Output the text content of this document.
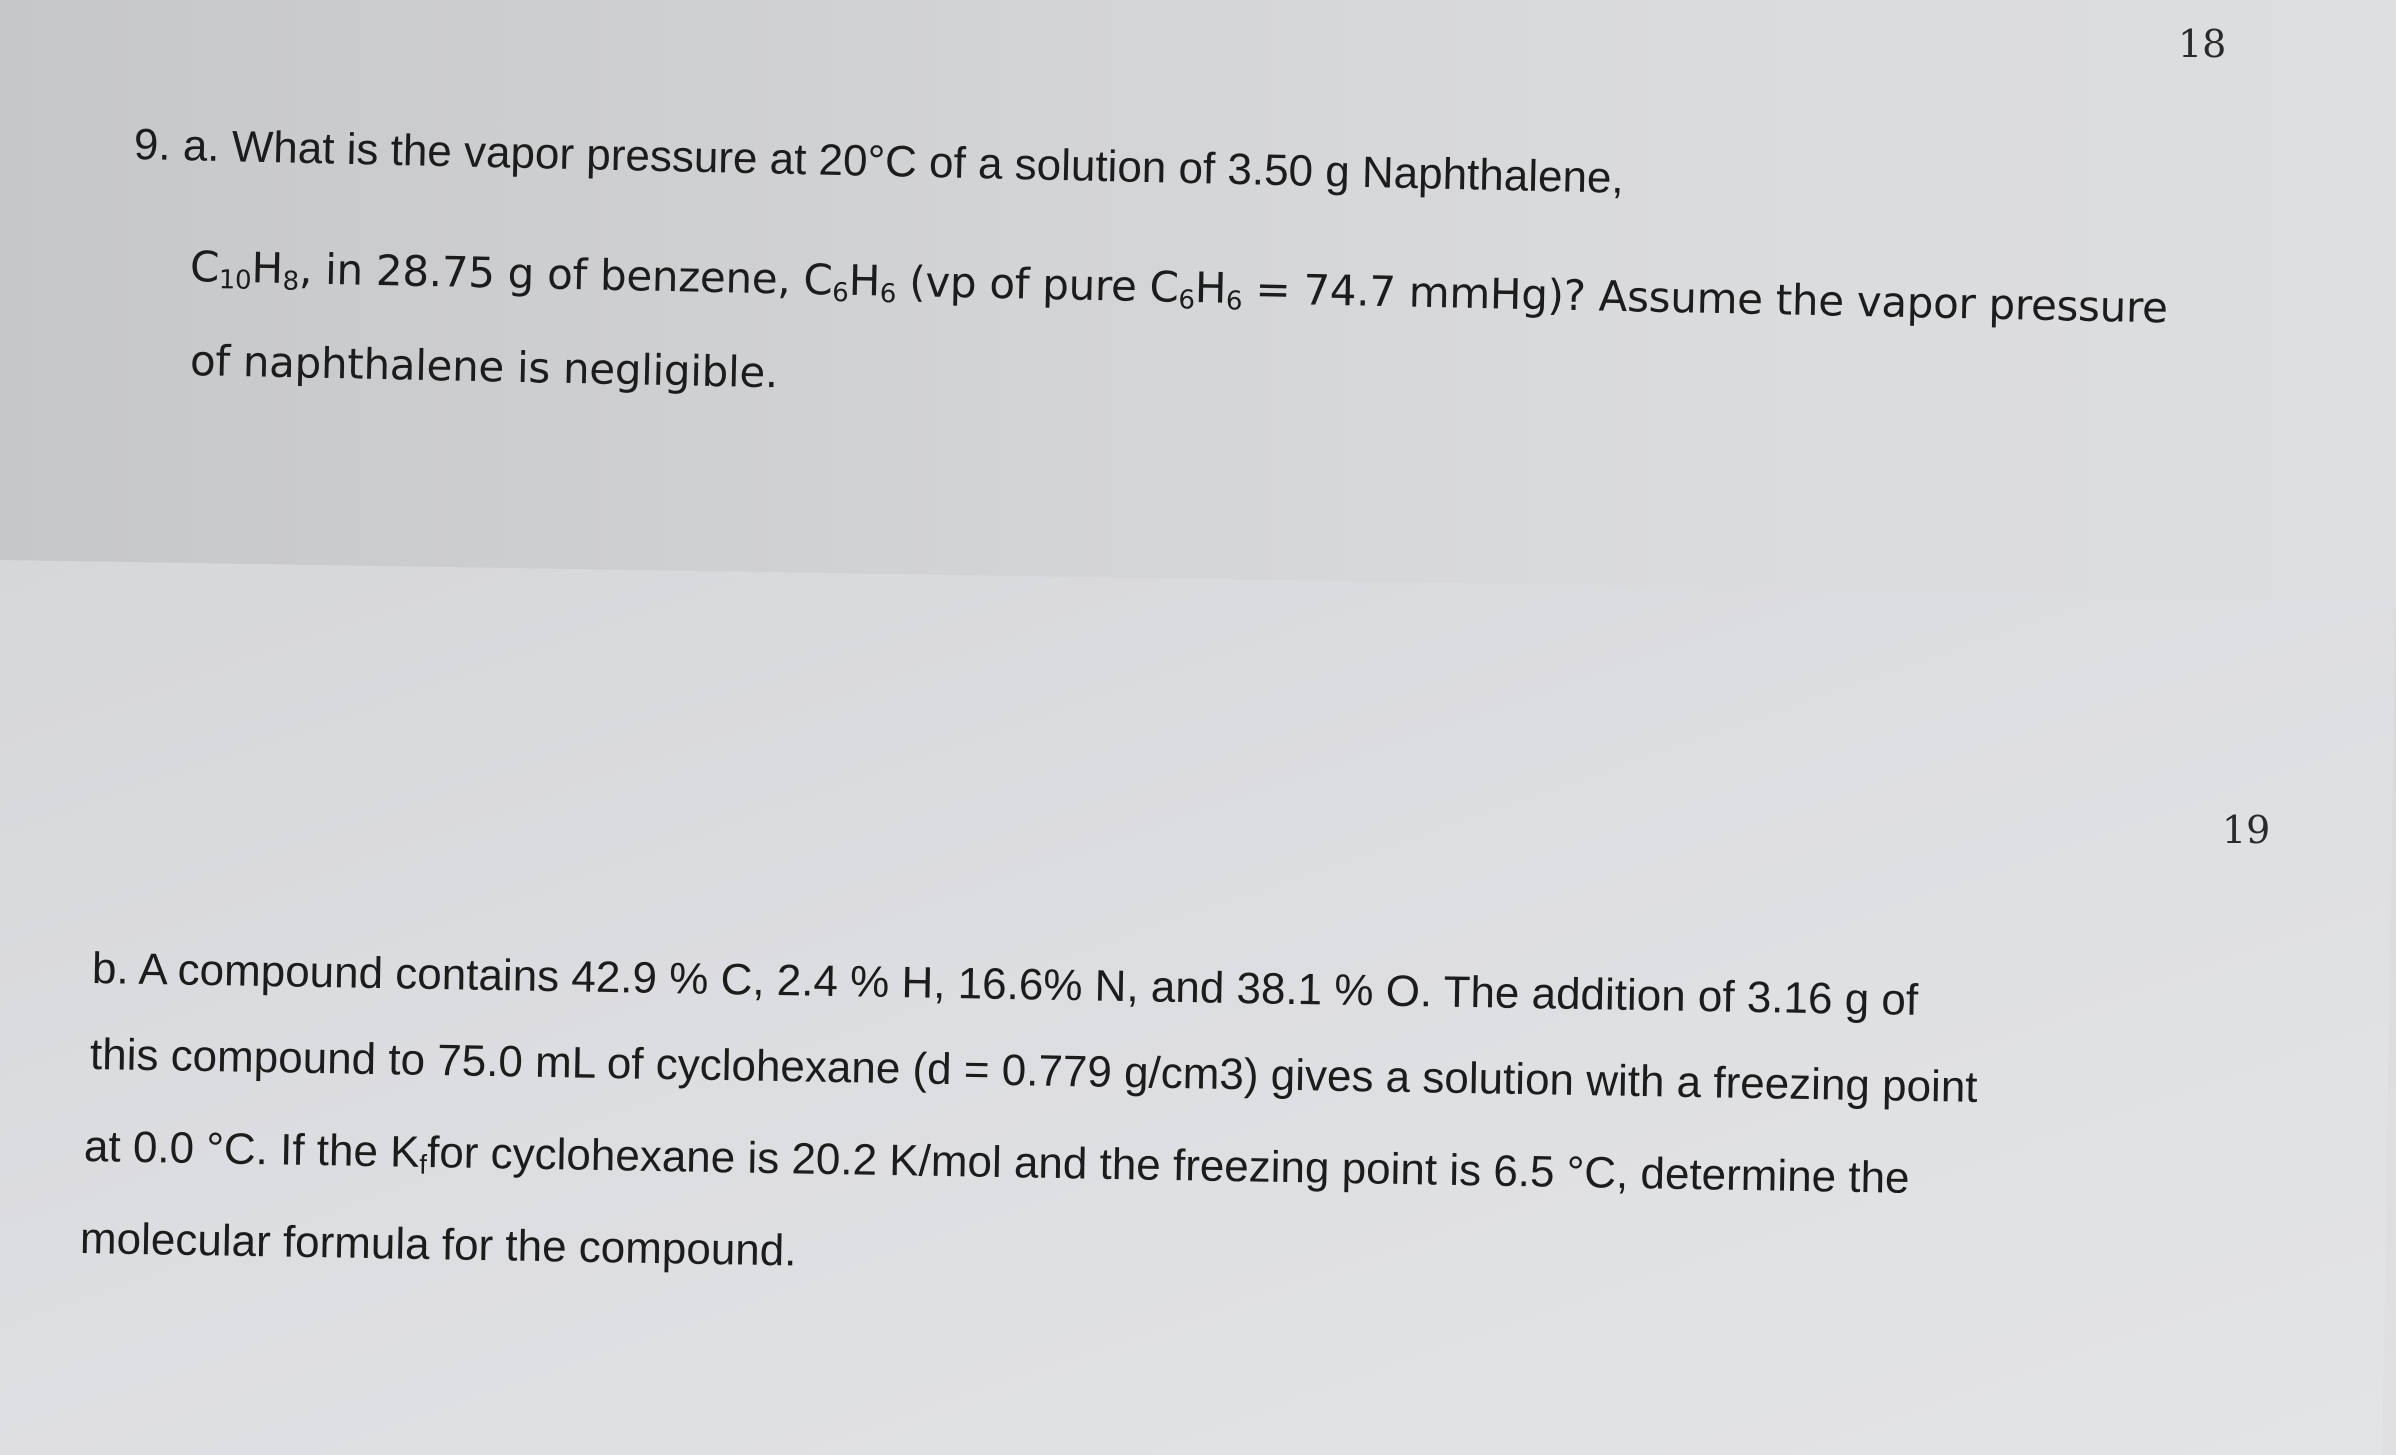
18
19
9. a. What is the vapor pressure at 20°C of a solution of 3.50 g Naphthalene,
$C_{10}H_8$, in 28.75 g of benzene, $C_6H_6$ (vp of pure $C_6H_6 = 74.7$ mmHg)? Assume the vapor pressure
of naphthalene is negligible.
b. A compound contains 42.9 % C, 2.4 % H, 16.6% N, and 38.1 % O. The addition of 3.16 g of
this compound to 75.0 mL of cyclohexane (d = 0.779 g/cm3) gives a solution with a freezing point
at 0.0 °C. If the $K_ffor$ cyclohexane is 20.2 K/mol and the freezing point is 6.5 °C, determine the
molecular formula for the compound.
